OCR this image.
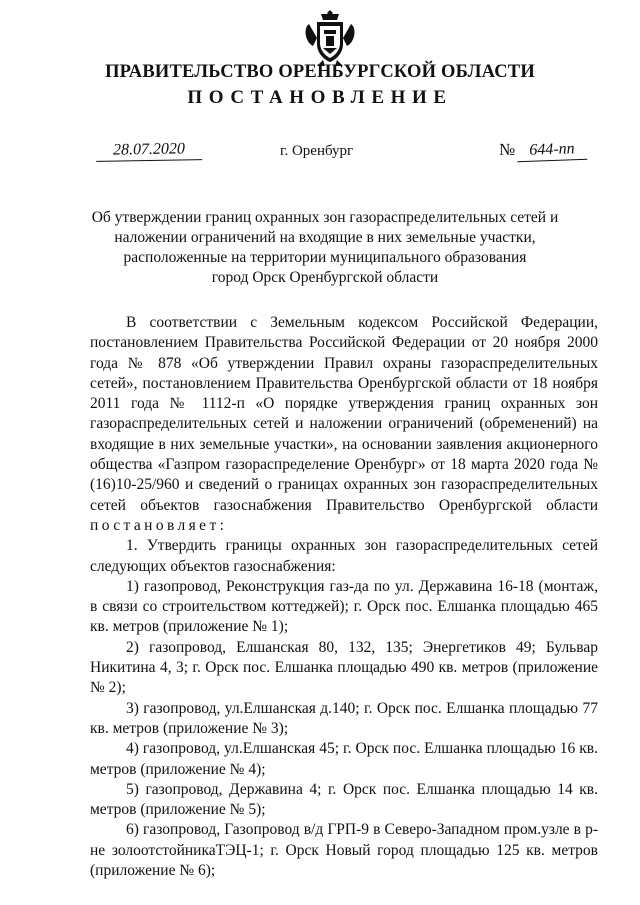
ПРАВИТЕЛЬСТВО ОРЕНБУРГСКОЙ ОБЛАСТИ
ПОСТАНОВЛЕНИЕ
28.07.2020	г. Оренбург	№ 644-пп
Об утверждении границ охранных зон газораспределительных сетей и
наложении ограничений на входящие в них земельные участки,
расположенные на территории муниципального образования
город Орск Оренбургской области

В соответствии с Земельным кодексом Российской Федерации, постановлением Правительства Российской Федерации от 20 ноября 2000 года № 878 «Об утверждении Правил охраны газораспределительных сетей», постановлением Правительства Оренбургской области от 18 ноября 2011 года № 1112-п «О порядке утверждения границ охранных зон газораспределительных сетей и наложении ограничений (обременений) на входящие в них земельные участки», на основании заявления акционерного общества «Газпром газораспределение Оренбург» от 18 марта 2020 года № (16)10-25/960 и сведений о границах охранных зон газораспределительных сетей объектов газоснабжения Правительство Оренбургской области постановляет:

1. Утвердить границы охранных зон газораспределительных сетей следующих объектов газоснабжения:

1) газопровод, Реконструкция газ-да по ул. Державина 16-18 (монтаж, в связи со строительством коттеджей); г. Орск пос. Елшанка площадью 465 кв. метров (приложение № 1);

2) газопровод, Елшанская 80, 132, 135; Энергетиков 49; Бульвар Никитина 4, 3; г. Орск пос. Елшанка площадью 490 кв. метров (приложение № 2);

3) газопровод, ул.Елшанская д.140; г. Орск пос. Елшанка площадью 77 кв. метров (приложение № 3);

4) газопровод, ул.Елшанская 45; г. Орск пос. Елшанка площадью 16 кв. метров (приложение № 4);

5) газопровод, Державина 4; г. Орск пос. Елшанка площадью 14 кв. метров (приложение № 5);

6) газопровод, Газопровод в/д ГРП-9 в Северо-Западном пром.узле в р-не золоотстойникаТЭЦ-1; г. Орск Новый город площадью 125 кв. метров (приложение № 6);
